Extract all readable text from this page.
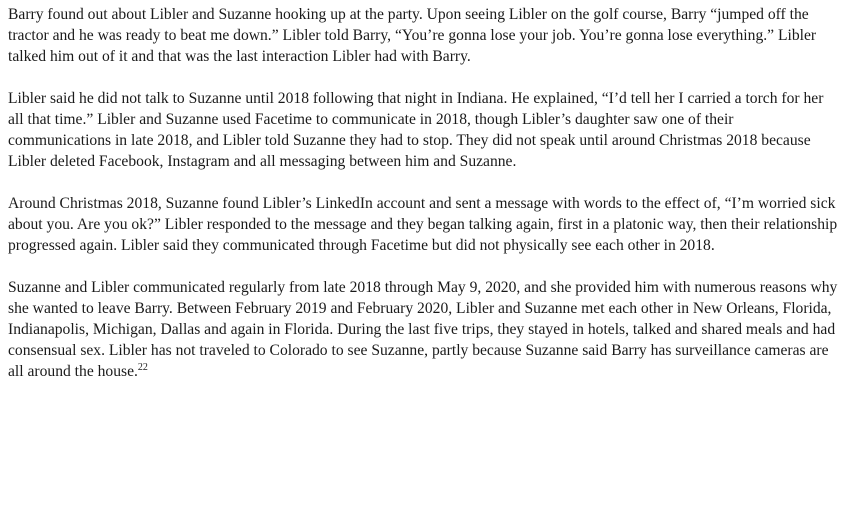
Barry found out about Libler and Suzanne hooking up at the party. Upon seeing Libler on the golf course, Barry “jumped off the tractor and he was ready to beat me down.” Libler told Barry, “You’re gonna lose your job. You’re gonna lose everything.” Libler talked him out of it and that was the last interaction Libler had with Barry.

Libler said he did not talk to Suzanne until 2018 following that night in Indiana. He explained, “I’d tell her I carried a torch for her all that time.” Libler and Suzanne used Facetime to communicate in 2018, though Libler’s daughter saw one of their communications in late 2018, and Libler told Suzanne they had to stop. They did not speak until around Christmas 2018 because Libler deleted Facebook, Instagram and all messaging between him and Suzanne.

Around Christmas 2018, Suzanne found Libler’s LinkedIn account and sent a message with words to the effect of, “I’m worried sick about you. Are you ok?” Libler responded to the message and they began talking again, first in a platonic way, then their relationship progressed again. Libler said they communicated through Facetime but did not physically see each other in 2018.

Suzanne and Libler communicated regularly from late 2018 through May 9, 2020, and she provided him with numerous reasons why she wanted to leave Barry. Between February 2019 and February 2020, Libler and Suzanne met each other in New Orleans, Florida, Indianapolis, Michigan, Dallas and again in Florida. During the last five trips, they stayed in hotels, talked and shared meals and had consensual sex. Libler has not traveled to Colorado to see Suzanne, partly because Suzanne said Barry has surveillance cameras are all around the house.$^{22}$
